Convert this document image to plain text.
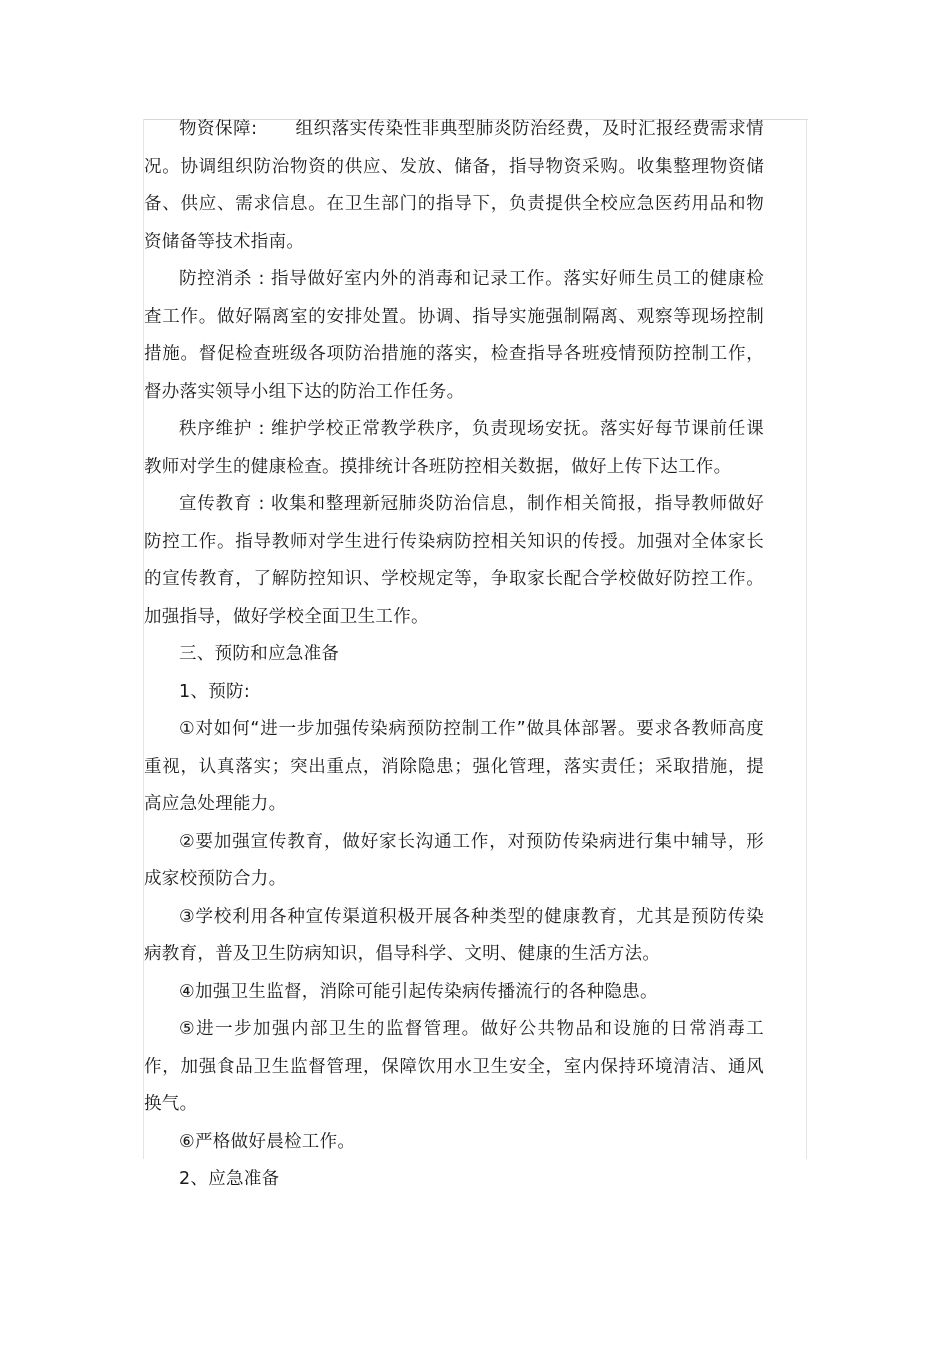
物资保障: 组织落实传染性非典型肺炎防治经费，及时汇报经费需求情况。协调组织防治物资的供应、发放、储备，指导物资采购。收集整理物资储备、供应、需求信息。在卫生部门的指导下，负责提供全校应急医药用品和物资储备等技术指南。

防控消杀 : 指导做好室内外的消毒和记录工作。落实好师生员工的健康检查工作。做好隔离室的安排处置。协调、指导实施强制隔离、观察等现场控制措施。督促检查班级各项防治措施的落实，检查指导各班疫情预防控制工作，督办落实领导小组下达的防治工作任务。

秩序维护 : 维护学校正常教学秩序，负责现场安抚。落实好每节课前任课教师对学生的健康检查。摸排统计各班防控相关数据，做好上传下达工作。

宣传教育 : 收集和整理新冠肺炎防治信息，制作相关简报，指导教师做好防控工作。指导教师对学生进行传染病防控相关知识的传授。加强对全体家长的宣传教育，了解防控知识、学校规定等，争取家长配合学校做好防控工作。加强指导，做好学校全面卫生工作。

三、预防和应急准备

1、预防:

①对如何“进一步加强传染病预防控制工作”做具体部署。要求各教师高度重视，认真落实；突出重点，消除隐患；强化管理，落实责任；采取措施，提高应急处理能力。

②要加强宣传教育，做好家长沟通工作，对预防传染病进行集中辅导，形成家校预防合力。

③学校利用各种宣传渠道积极开展各种类型的健康教育，尤其是预防传染病教育，普及卫生防病知识，倡导科学、文明、健康的生活方法。

④加强卫生监督，消除可能引起传染病传播流行的各种隐患。

⑤进一步加强内部卫生的监督管理。做好公共物品和设施的日常消毒工作，加强食品卫生监督管理，保障饮用水卫生安全，室内保持环境清洁、通风换气。

⑥严格做好晨检工作。

2、应急准备
